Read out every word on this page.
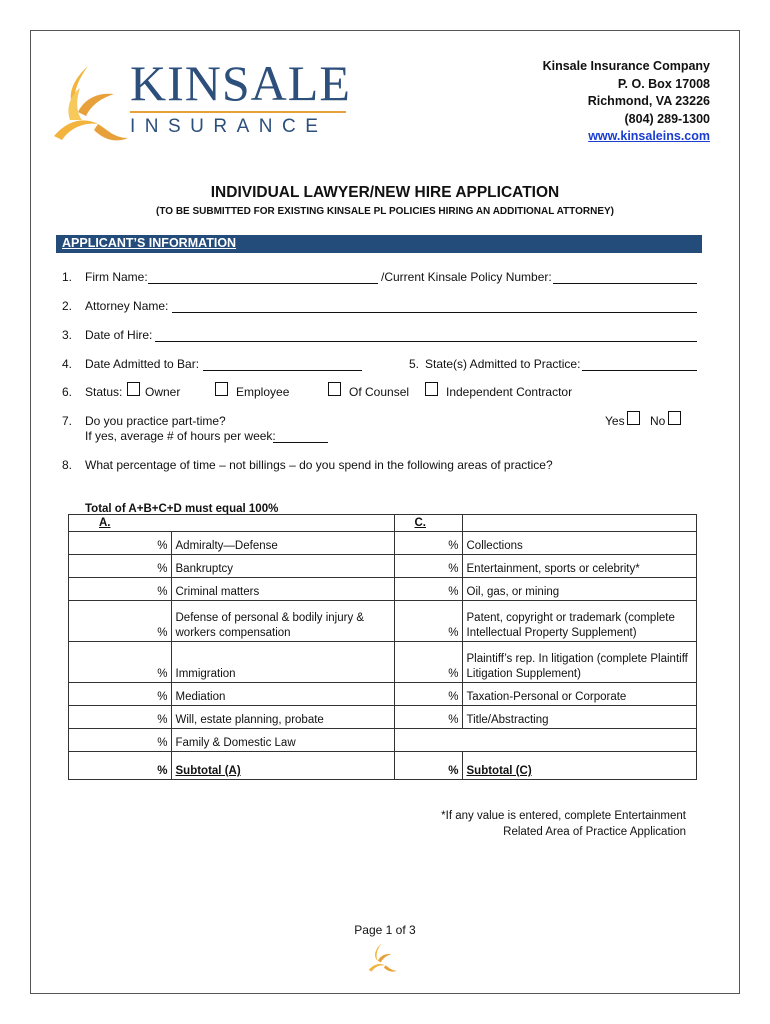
KINSALE
INSURANCE
Kinsale Insurance Company
P. O. Box 17008
Richmond, VA 23226
(804) 289-1300
www.kinsaleins.com
INDIVIDUAL LAWYER/NEW HIRE APPLICATION
(TO BE SUBMITTED FOR EXISTING KINSALE PL POLICIES HIRING AN ADDITIONAL ATTORNEY)
APPLICANT’S INFORMATION
1. Firm Name:	/Current Kinsale Policy Number:
2. Attorney Name:
3. Date of Hire:
4. Date Admitted to Bar:	5. State(s) Admitted to Practice:
6. Status: Owner	Employee	Of Counsel	Independent Contractor
7. Do you practice part-time?
If yes, average # of hours per week:
Yes No
8. What percentage of time – not billings – do you spend in the following areas of practice?
Total of A+B+C+D must equal 100%
A.		C.	
%	Admiralty—Defense	%	Collections
%	Bankruptcy	%	Entertainment, sports or celebrity*
%	Criminal matters	%	Oil, gas, or mining
%	Defense of personal & bodily injury & workers compensation	%	Patent, copyright or trademark (complete Intellectual Property Supplement)
%	Immigration	%	Plaintiff’s rep. In litigation (complete Plaintiff Litigation Supplement)
%	Mediation	%	Taxation-Personal or Corporate
%	Will, estate planning, probate	%	Title/Abstracting
%	Family & Domestic Law		
%	Subtotal (A)	%	Subtotal (C)
*If any value is entered, complete Entertainment
Related Area of Practice Application
Page 1 of 3
